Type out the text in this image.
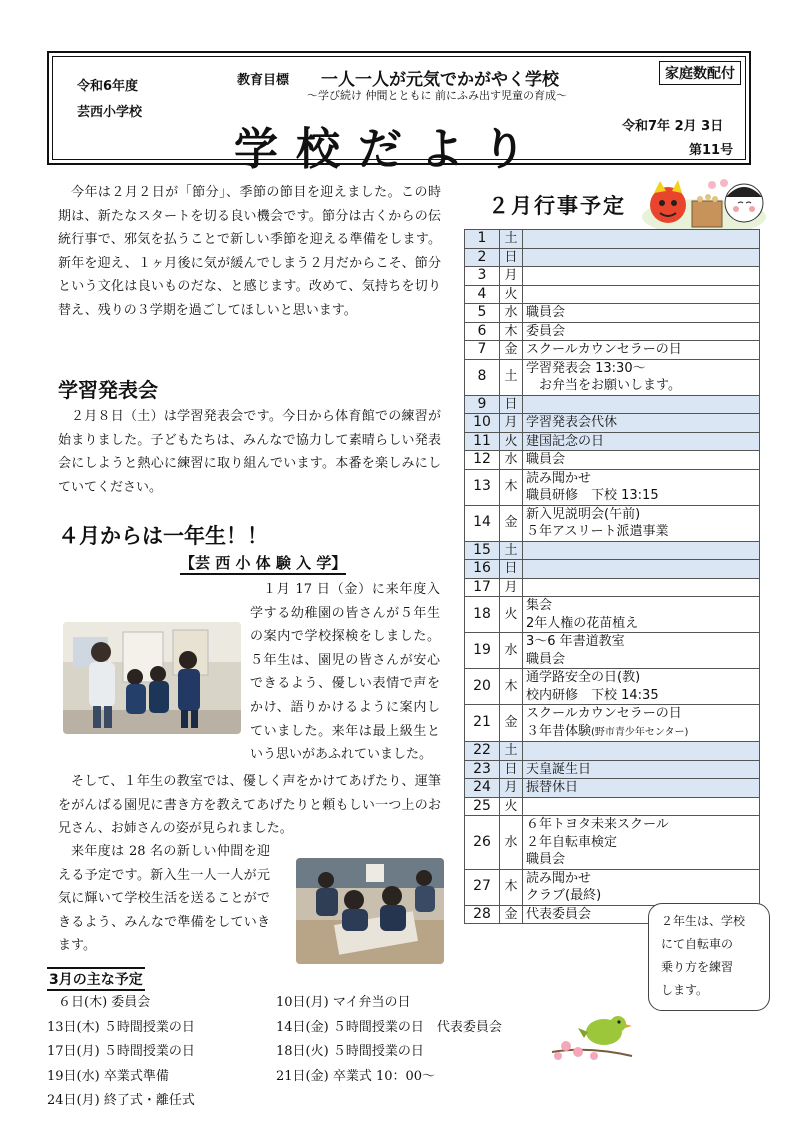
令和6年度
芸西小学校
教育目標 一人一人が元気でかがやく学校
～学び続け 仲間とともに 前にふみ出す児童の育成～
学校だより
家庭数配付
令和7年 2月 3日
第11号
今年は２月２日が「節分」、季節の節目を迎えました。この時期は、新たなスタートを切る良い機会です。節分は古くからの伝統行事で、邪気を払うことで新しい季節を迎える準備をします。新年を迎え、１ヶ月後に気が緩んでしまう２月だからこそ、節分という文化は良いものだな、と感じます。改めて、気持ちを切り替え、残りの３学期を過ごしてほしいと思います。
学習発表会
２月８日（土）は学習発表会です。今日から体育館での練習が始まりました。子どもたちは、みんなで協力して素晴らしい発表会にしようと熱心に練習に取り組んでいます。本番を楽しみにしていてください。
４月からは一年生！！
【芸 西 小 体 験 入 学】
１月 17 日（金）に来年度入学する幼稚園の皆さんが５年生の案内で学校探検をしました。５年生は、園児の皆さんが安心できるよう、優しい表情で声をかけ、語りかけるように案内していました。来年は最上級生という思いがあふれていました。
そして、１年生の教室では、優しく声をかけてあげたり、運筆をがんばる園児に書き方を教えてあげたりと頼もしい一つ上のお兄さん、お姉さんの姿が見られました。
来年度は 28 名の新しい仲間を迎える予定です。新入生一人一人が元気に輝いて学校生活を送ることができるよう、みんなで準備をしていきます。
２月行事予定
1	土	
2	日	
3	月	
4	火	
5	水	職員会

6	木	委員会

7	金	スクールカウンセラーの日

8	土	学習発表会 13:30～
　お弁当をお願いします。

9	日	
10	月	学習発表会代休

11	火	建国記念の日

12	水	職員会

13	木	読み聞かせ
職員研修　下校 13:15

14	金	新入児説明会(午前)
５年アスリート派遣事業

15	土	
16	日	
17	月	
18	火	集会
2年人権の花苗植え

19	水	3～6 年書道教室
職員会

20	木	通学路安全の日(教)
校内研修　下校 14:35

21	金	スクールカウンセラーの日
３年昔体験(野市青少年センター)

22	土	
23	日	天皇誕生日

24	月	振替休日

25	火	
26	水	６年トヨタ未来スクール
２年自転車検定
職員会

27	木	読み聞かせ
クラブ(最終)

28	金	代表委員会	２年生は、学校
にて自転車の
乗り方を練習
します。
3月の主な予定
６日(木) 委員会	10日(月) マイ弁当の日
13日(木) ５時間授業の日	14日(金) ５時間授業の日　代表委員会
17日(月) ５時間授業の日	18日(火) ５時間授業の日
19日(水) 卒業式準備	21日(金) 卒業式 10：00～
24日(月) 終了式・離任式
